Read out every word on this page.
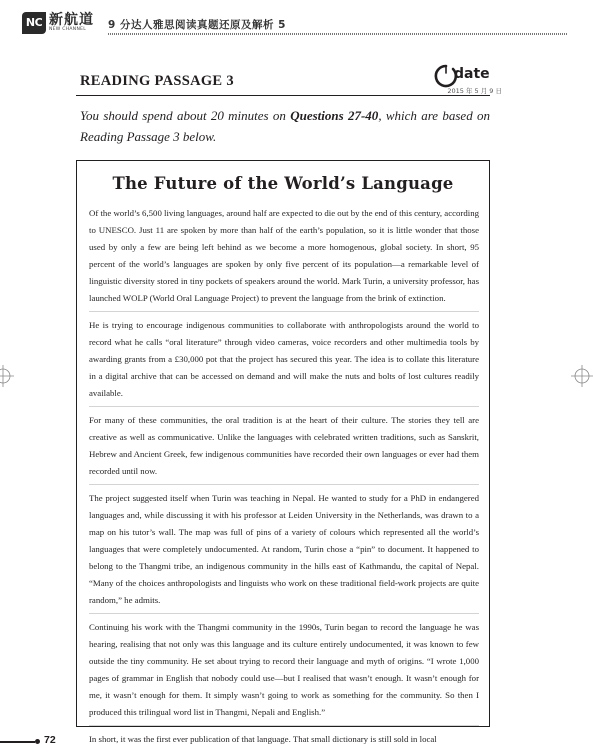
NC 新航道
NEW CHANNEL 9 分达人雅思阅读真题还原及解析 5
READING PASSAGE 3	date
2015 年 5 月 9 日
You should spend about 20 minutes on Questions 27-40, which are based on Reading Passage 3 below.
The Future of the World’s Language

Of the world’s 6,500 living languages, around half are expected to die out by the end of this century, according to UNESCO. Just 11 are spoken by more than half of the earth’s population, so it is little wonder that those used by only a few are being left behind as we become a more homogenous, global society. In short, 95 percent of the world’s languages are spoken by only five percent of its population—a remarkable level of linguistic diversity stored in tiny pockets of speakers around the world. Mark Turin, a university professor, has launched WOLP (World Oral Language Project) to prevent the language from the brink of extinction.

He is trying to encourage indigenous communities to collaborate with anthropologists around the world to record what he calls “oral literature” through video cameras, voice recorders and other multimedia tools by awarding grants from a £30,000 pot that the project has secured this year. The idea is to collate this literature in a digital archive that can be accessed on demand and will make the nuts and bolts of lost cultures readily available.

For many of these communities, the oral tradition is at the heart of their culture. The stories they tell are creative as well as communicative. Unlike the languages with celebrated written traditions, such as Sanskrit, Hebrew and Ancient Greek, few indigenous communities have recorded their own languages or ever had them recorded until now.

The project suggested itself when Turin was teaching in Nepal. He wanted to study for a PhD in endangered languages and, while discussing it with his professor at Leiden University in the Netherlands, was drawn to a map on his tutor’s wall. The map was full of pins of a variety of colours which represented all the world’s languages that were completely undocumented. At random, Turin chose a “pin” to document. It happened to belong to the Thangmi tribe, an indigenous community in the hills east of Kathmandu, the capital of Nepal. “Many of the choices anthropologists and linguists who work on these traditional field-work projects are quite random,” he admits.

Continuing his work with the Thangmi community in the 1990s, Turin began to record the language he was hearing, realising that not only was this language and its culture entirely undocumented, it was known to few outside the tiny community. He set about trying to record their language and myth of origins. “I wrote 1,000 pages of grammar in English that nobody could use—but I realised that wasn’t enough. It wasn’t enough for me, it wasn’t enough for them. It simply wasn’t going to work as something for the community. So then I produced this trilingual word list in Thangmi, Nepali and English.”

In short, it was the first ever publication of that language. That small dictionary is still sold in local

72
